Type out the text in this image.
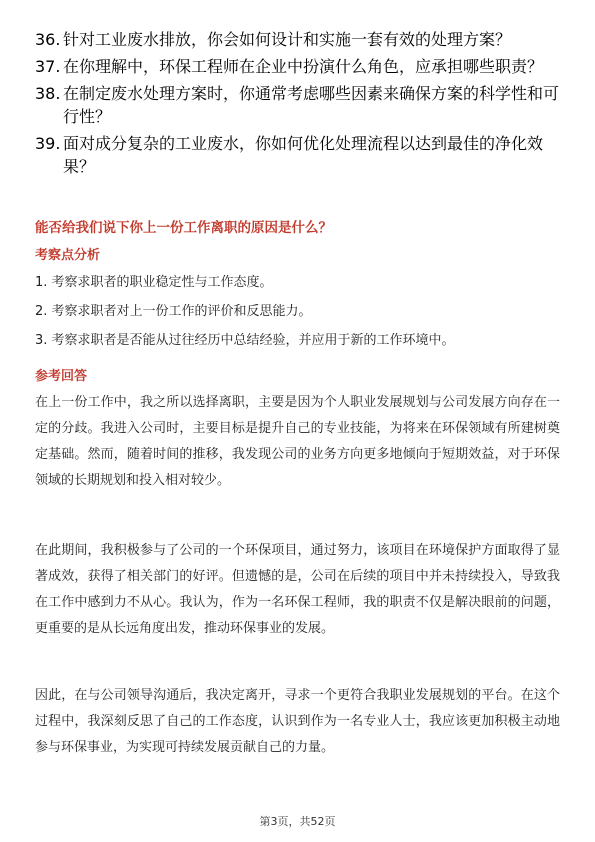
36. 针对工业废水排放，你会如何设计和实施一套有效的处理方案？
37. 在你理解中，环保工程师在企业中扮演什么角色，应承担哪些职责？
38. 在制定废水处理方案时，你通常考虑哪些因素来确保方案的科学性和可行性？
39. 面对成分复杂的工业废水，你如何优化处理流程以达到最佳的净化效果？
能否给我们说下你上一份工作离职的原因是什么？
考察点分析
1. 考察求职者的职业稳定性与工作态度。
2. 考察求职者对上一份工作的评价和反思能力。
3. 考察求职者是否能从过往经历中总结经验，并应用于新的工作环境中。
参考回答
在上一份工作中，我之所以选择离职，主要是因为个人职业发展规划与公司发展方向存在一定的分歧。我进入公司时，主要目标是提升自己的专业技能，为将来在环保领域有所建树奠定基础。然而，随着时间的推移，我发现公司的业务方向更多地倾向于短期效益，对于环保领域的长期规划和投入相对较少。
在此期间，我积极参与了公司的一个环保项目，通过努力，该项目在环境保护方面取得了显著成效，获得了相关部门的好评。但遗憾的是，公司在后续的项目中并未持续投入，导致我在工作中感到力不从心。我认为，作为一名环保工程师，我的职责不仅是解决眼前的问题，更重要的是从长远角度出发，推动环保事业的发展。
因此，在与公司领导沟通后，我决定离开，寻求一个更符合我职业发展规划的平台。在这个过程中，我深刻反思了自己的工作态度，认识到作为一名专业人士，我应该更加积极主动地参与环保事业，为实现可持续发展贡献自己的力量。
第3页，共52页
